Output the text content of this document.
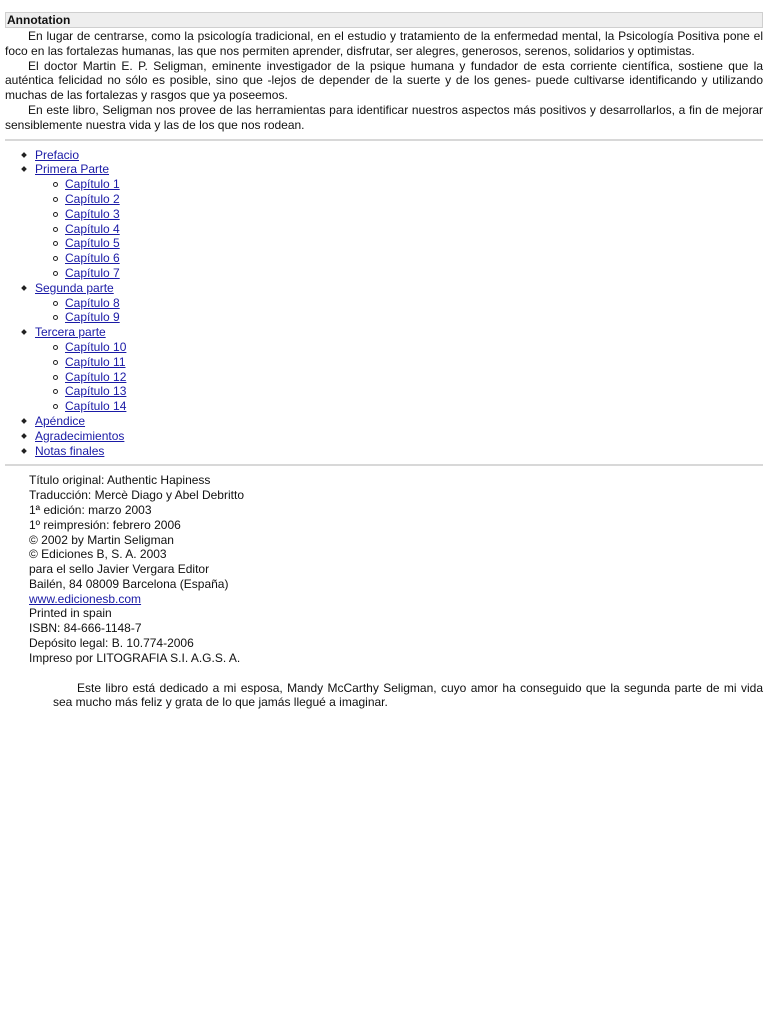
Annotation

En lugar de centrarse, como la psicología tradicional, en el estudio y tratamiento de la enfermedad mental, la Psicología Positiva pone el foco en las fortalezas humanas, las que nos permiten aprender, disfrutar, ser alegres, generosos, serenos, solidarios y optimistas.

El doctor Martin E. P. Seligman, eminente investigador de la psique humana y fundador de esta corriente científica, sostiene que la auténtica felicidad no sólo es posible, sino que -lejos de depender de la suerte y de los genes- puede cultivarse identificando y utilizando muchas de las fortalezas y rasgos que ya poseemos.

En este libro, Seligman nos provee de las herramientas para identificar nuestros aspectos más positivos y desarrollarlos, a fin de mejorar sensiblemente nuestra vida y las de los que nos rodean.

Prefacio
Primera Parte
Capítulo 1
Capítulo 2
Capítulo 3
Capítulo 4
Capítulo 5
Capítulo 6
Capítulo 7
Segunda parte
Capítulo 8
Capítulo 9
Tercera parte
Capítulo 10
Capítulo 11
Capítulo 12
Capítulo 13
Capítulo 14
Apéndice
Agradecimientos
Notas finales
Título original: Authentic Hapiness
Traducción: Mercè Diago y Abel Debritto
1ª edición: marzo 2003
1º reimpresión: febrero 2006
© 2002 by Martin Seligman
© Ediciones B, S. A. 2003
para el sello Javier Vergara Editor
Bailén, 84 08009 Barcelona (España)
www.edicionesb.com
Printed in spain
ISBN: 84-666-1148-7
Depósito legal: B. 10.774-2006
Impreso por LITOGRAFIA S.I. A.G.S. A.

Este libro está dedicado a mi esposa, Mandy McCarthy Seligman, cuyo amor ha conseguido que la segunda parte de mi vida sea mucho más feliz y grata de lo que jamás llegué a imaginar.
